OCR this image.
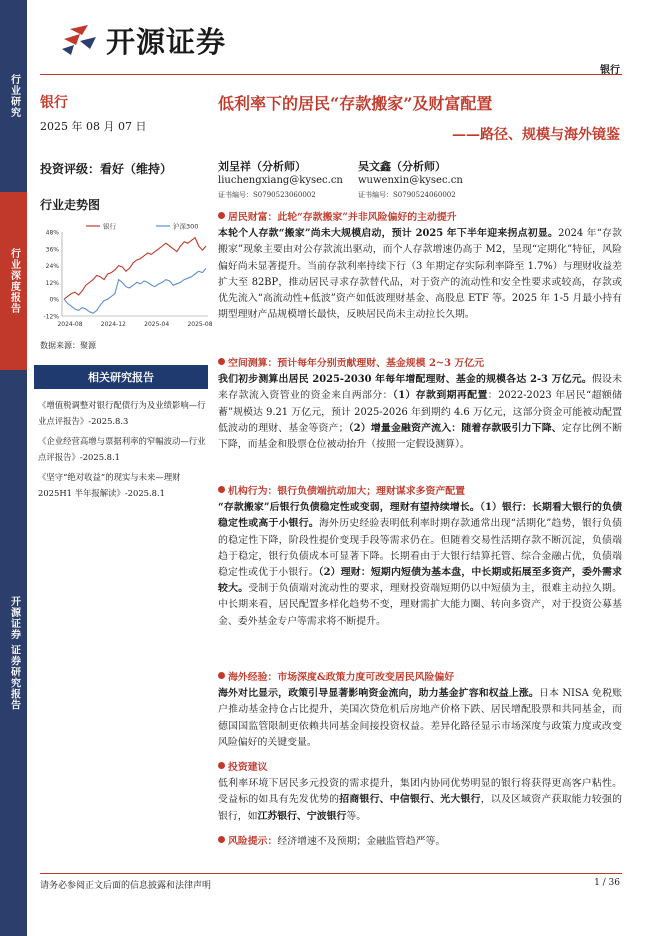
行业研究
行业深度报告
开源证券 证券研究报告
开源证券
银行
银行
2025 年 08 月 07 日
投资评级：看好（维持）
行业走势图
48%
36%
24%
12%
0%
-12%
2024-08	2024-12	2025-04	2025-08
银行	沪深300
数据来源：聚源
相关研究报告
《增值税调整对银行配债行为及业绩影响—行业点评报告》-2025.8.3
《企业经营高增与票据利率的窄幅波动—行业点评报告》-2025.8.1
《坚守“绝对收益”的现实与未来—理财 2025H1 半年报解读》-2025.8.1
低利率下的居民“存款搬家”及财富配置
——路径、规模与海外镜鉴
刘呈祥（分析师）
liuchengxiang@kysec.cn
证书编号：S0790523060002
吴文鑫（分析师）
wuwenxin@kysec.cn
证书编号：S0790524060002

居民财富：此轮“存款搬家”并非风险偏好的主动提升

本轮个人存款“搬家”尚未大规模启动，预计 2025 年下半年迎来拐点初显。2024 年“存款搬家”现象主要由对公存款流出驱动，而个人存款增速仍高于 M2，呈现“定期化”特征，风险偏好尚未显著提升。当前存款利率持续下行（3 年期定存实际利率降至 1.7%）与理财收益差扩大至 82BP，推动居民寻求存款替代品，对于资产的流动性和安全性要求或较高，存款或优先流入“高流动性+低波”资产如低波理财基金、高股息 ETF 等。2025 年 1-5 月最小持有期型理财产品规模增长最快，反映居民尚未主动拉长久期。

空间测算：预计每年分别贡献理财、基金规模 2~3 万亿元

我们初步测算出居民 2025-2030 年每年增配理财、基金的规模各达 2-3 万亿元。假设未来存款流入资管业的资金来自两部分：（1）存款到期再配置：2022-2023 年居民“超额储蓄”规模达 9.21 万亿元，预计 2025-2026 年到期约 4.6 万亿元，这部分资金可能被动配置低波动的理财、基金等资产；（2）增量金融资产流入：随着存款吸引力下降、定存比例不断下降，而基金和股票仓位被动抬升（按照一定假设测算）。

机构行为：银行负债端抗动加大；理财谋求多资产配置

“存款搬家”后银行负债稳定性或变弱，理财有望持续增长。（1）银行：长期看大银行的负债稳定性或高于小银行。海外历史经验表明低利率时期存款通常出现“活期化”趋势，银行负债的稳定性下降，阶段性提价变现手段等需求仍在。但随着交易性活期存款不断沉淀，负债端趋于稳定，银行负债成本可显著下降。长期看由于大银行结算托管、综合金融占优，负债端稳定性或优于小银行。（2）理财：短期内短债为基本盘，中长期或拓展至多资产，委外需求较大。受制于负债端对流动性的要求，理财投资端短期仍以中短债为主，很难主动拉久期。中长期来看，居民配置多样化趋势不变，理财需扩大能力圈、转向多资产，对于投资公募基金、委外基金专户等需求将不断提升。

海外经验：市场深度&政策力度可改变居民风险偏好

海外对比显示，政策引导显著影响资金流向，助力基金扩容和权益上涨。日本 NISA 免税账户推动基金持仓占比提升，美国次贷危机后房地产价格下跌、居民增配股票和共同基金，而德国国监管限制更依赖共同基金间接投资权益。差异化路径显示市场深度与政策力度或改变风险偏好的关键变量。

投资建议

低利率环境下居民多元投资的需求提升，集团内协同优势明显的银行将获得更高客户粘性。受益标的如具有先发优势的招商银行、中信银行、光大银行，以及区域资产获取能力较强的银行，如江苏银行、宁波银行等。

风险提示：经济增速不及预期；金融监管趋严等。

请务必参阅正文后面的信息披露和法律声明	1 / 36
